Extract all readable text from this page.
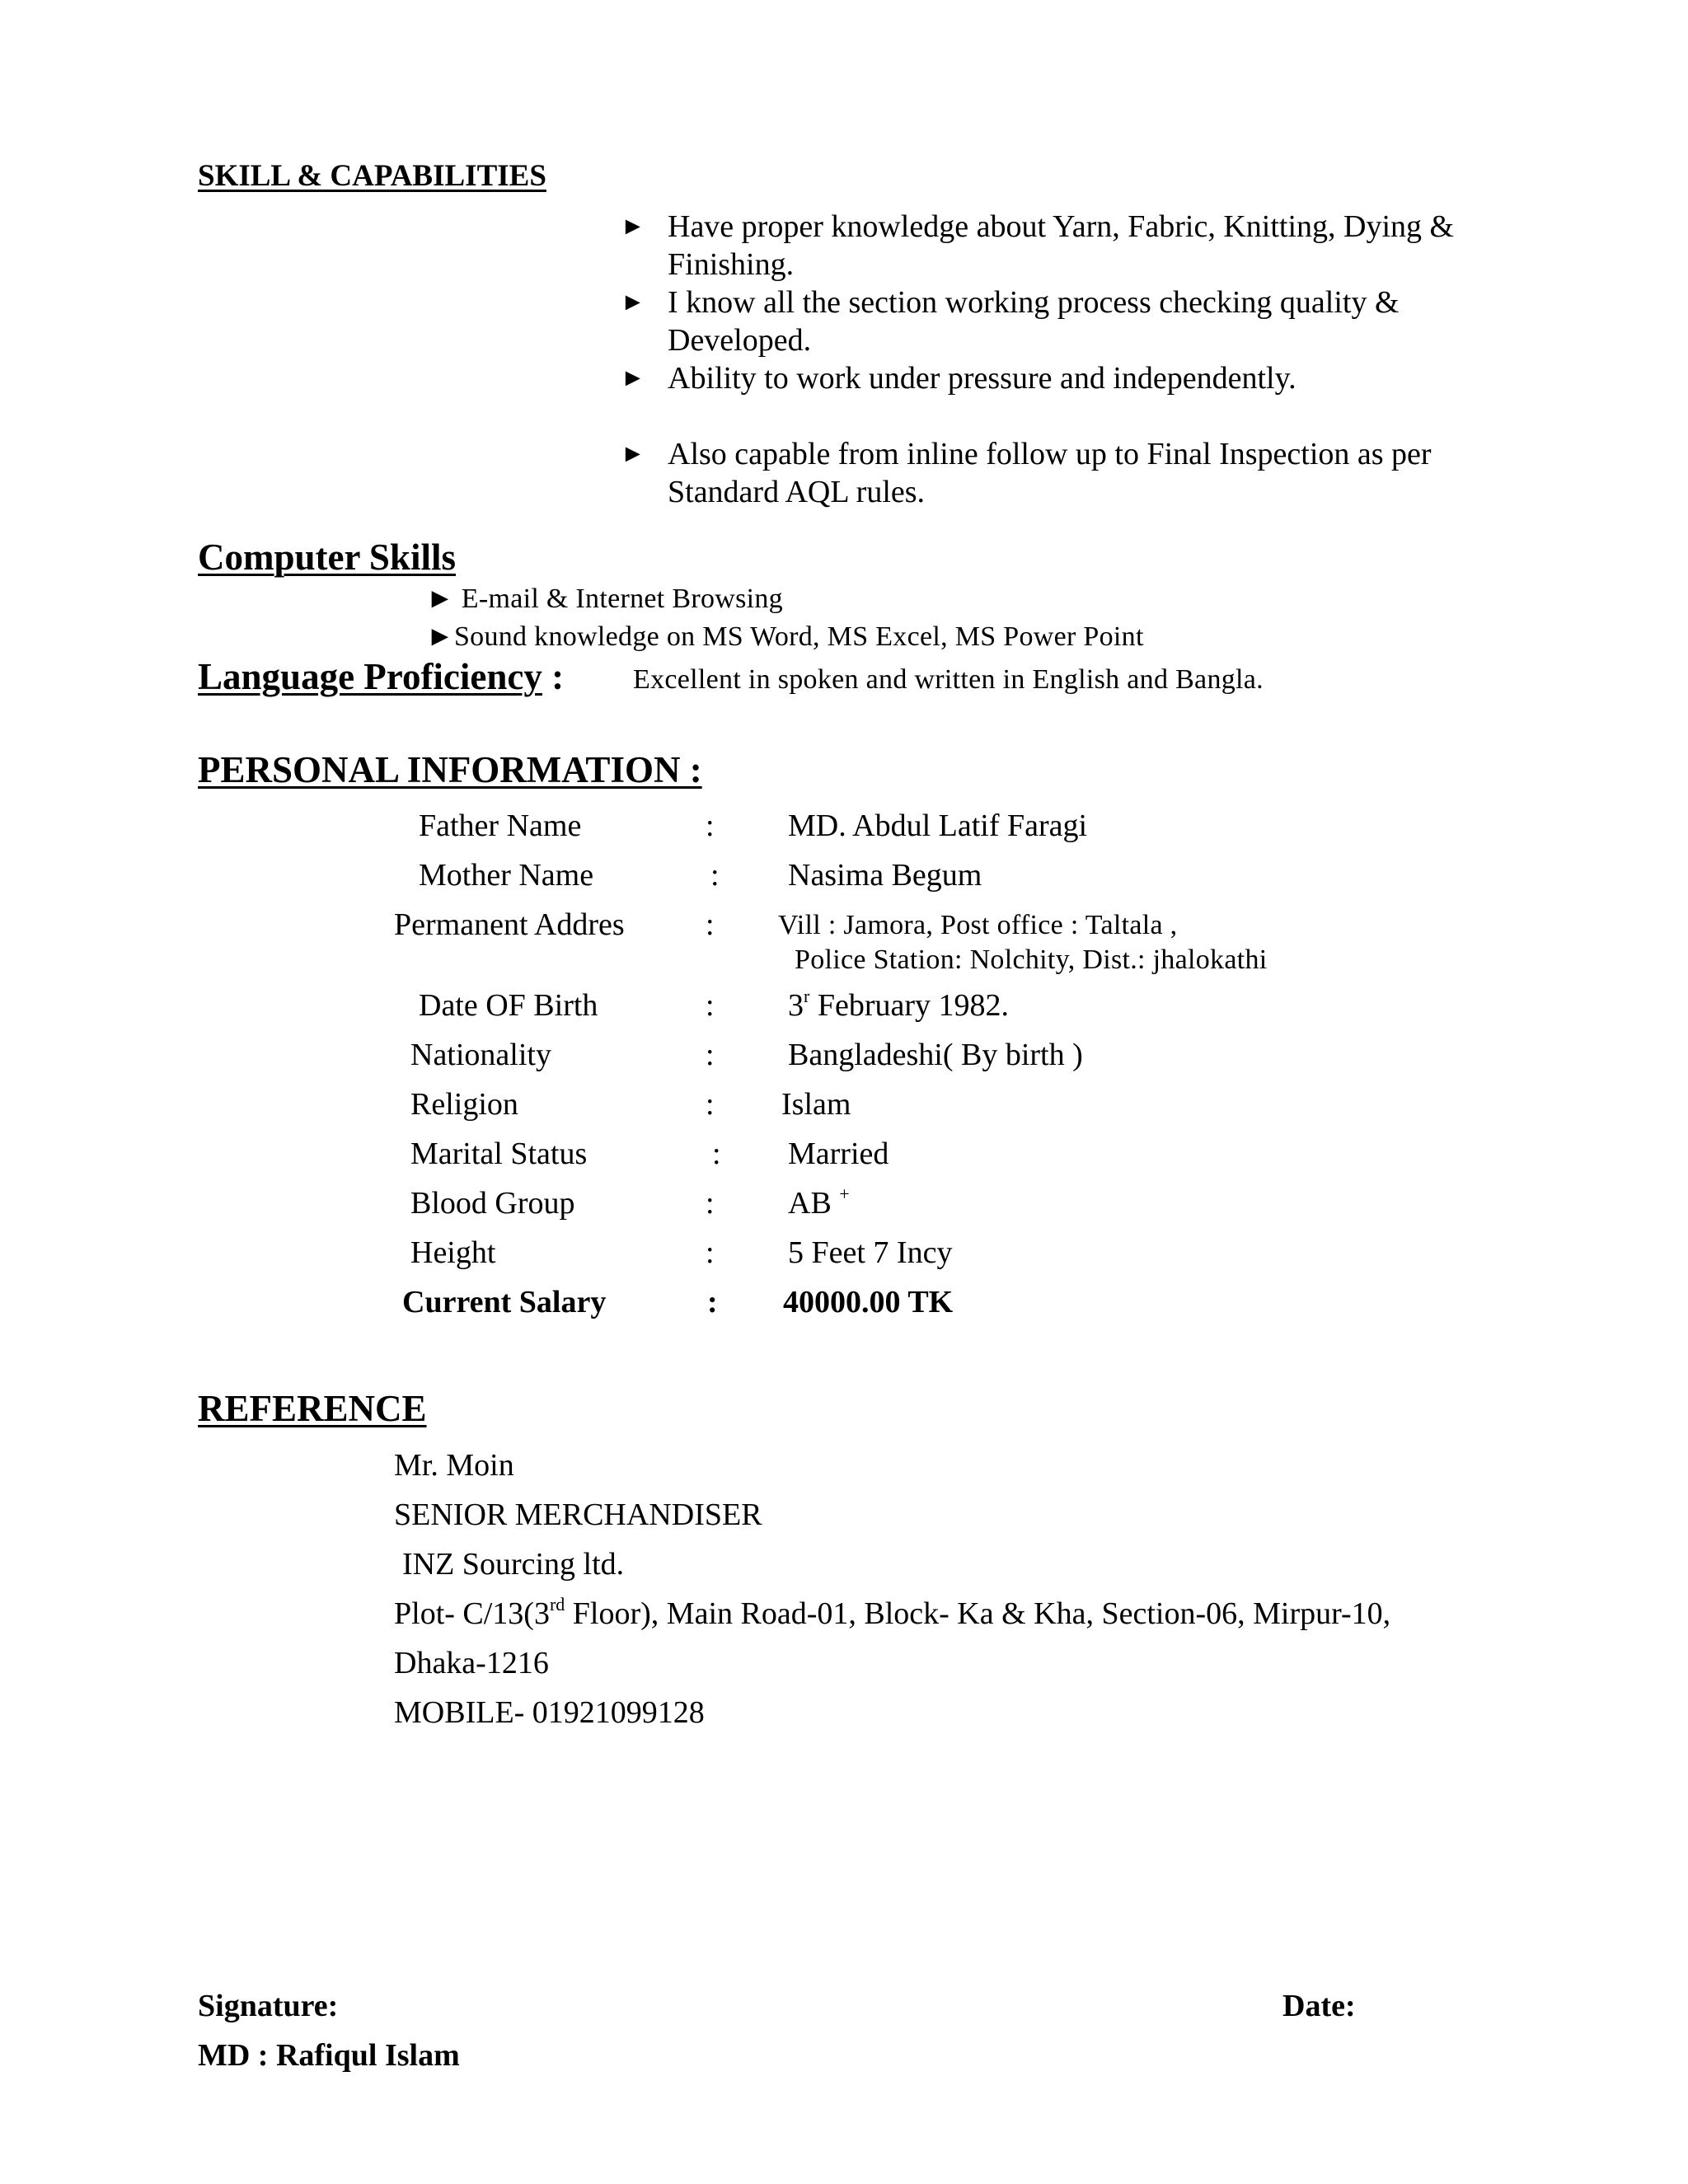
SKILL & CAPABILITIES
► Have proper knowledge about Yarn, Fabric, Knitting, Dying & Finishing.
► I know all the section working process checking quality & Developed.
► Ability to work under pressure and independently.
► Also capable from inline follow up to Final Inspection as per Standard AQL rules.
Computer Skills
► E-mail & Internet Browsing
►Sound knowledge on MS Word, MS Excel, MS Power Point
Language Proficiency : Excellent in spoken and written in English and Bangla.
PERSONAL INFORMATION :
Father Name	: MD. Abdul Latif Faragi
Mother Name	: Nasima Begum
Permanent Addres	: Vill : Jamora, Post office : Taltala ,
Police Station: Nolchity, Dist.: jhalokathi
Date OF Birth	: 3$^r$ February 1982.
Nationality	: Bangladeshi( By birth )
Religion	: Islam
Marital Status	: Married
Blood Group	: AB +
Height	: 5 Feet 7 Incy
Current Salary	: 40000.00 TK
REFERENCE
Mr. Moin
SENIOR MERCHANDISER
INZ Sourcing ltd.
Plot- C/13(3rd Floor), Main Road-01, Block- Ka & Kha, Section-06, Mirpur-10,
Dhaka-1216
MOBILE- 01921099128
Signature:	Date:
MD : Rafiqul Islam
